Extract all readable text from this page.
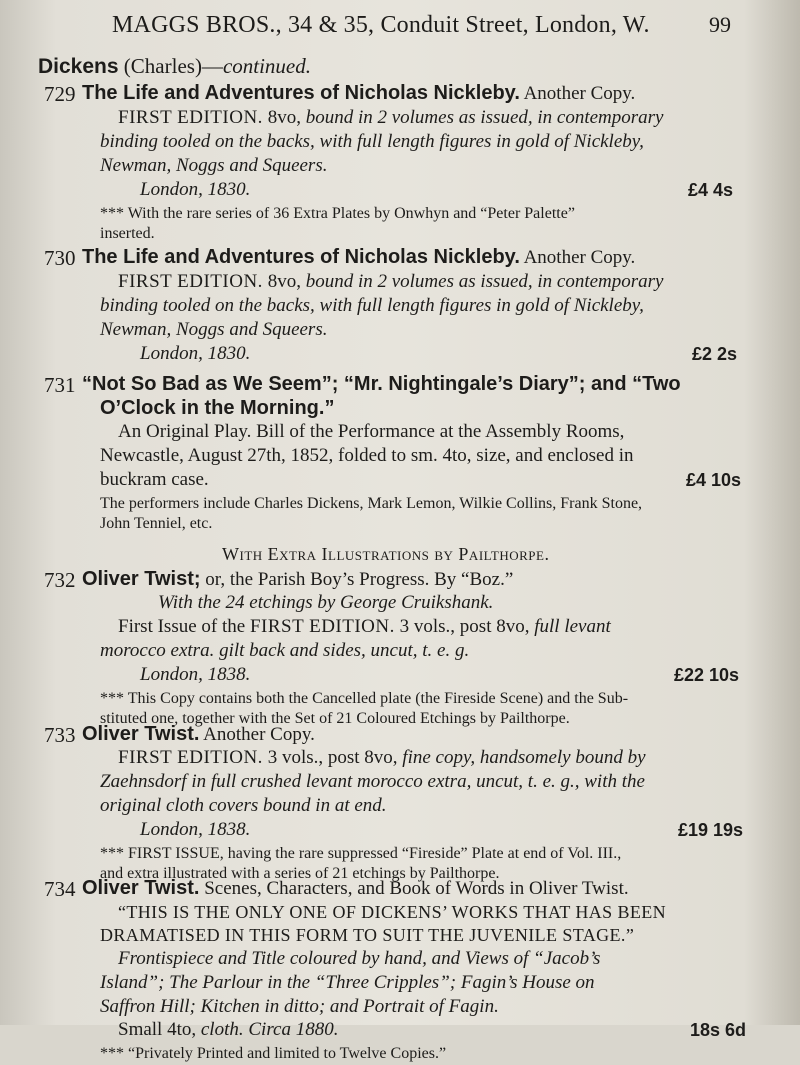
MAGGS BROS., 34 & 35, Conduit Street, London, W.	99
Dickens (Charles)—continued.
729 The Life and Adventures of Nicholas Nickleby. Another Copy.
FIRST EDITION. 8vo, bound in 2 volumes as issued, in contemporary
binding tooled on the backs, with full length figures in gold of Nickleby,
Newman, Noggs and Squeers.
London, 1830.	£4 4s
*** With the rare series of 36 Extra Plates by Onwhyn and “Peter Palette”
inserted.
730 The Life and Adventures of Nicholas Nickleby. Another Copy.
FIRST EDITION. 8vo, bound in 2 volumes as issued, in contemporary
binding tooled on the backs, with full length figures in gold of Nickleby,
Newman, Noggs and Squeers.
London, 1830.	£2 2s
731 “Not So Bad as We Seem”; “Mr. Nightingale’s Diary”; and “Two
O’Clock in the Morning.”
An Original Play. Bill of the Performance at the Assembly Rooms,
Newcastle, August 27th, 1852, folded to sm. 4to, size, and enclosed in
buckram case.	£4 10s
The performers include Charles Dickens, Mark Lemon, Wilkie Collins, Frank Stone,
John Tenniel, etc.
With Extra Illustrations by Pailthorpe.
732 Oliver Twist; or, the Parish Boy’s Progress. By “Boz.”
With the 24 etchings by George Cruikshank.
First Issue of the FIRST EDITION. 3 vols., post 8vo, full levant
morocco extra. gilt back and sides, uncut, t. e. g.
London, 1838.	£22 10s
*** This Copy contains both the Cancelled plate (the Fireside Scene) and the Sub-
stituted one, together with the Set of 21 Coloured Etchings by Pailthorpe.
733 Oliver Twist. Another Copy.
FIRST EDITION. 3 vols., post 8vo, fine copy, handsomely bound by
Zaehnsdorf in full crushed levant morocco extra, uncut, t. e. g., with the
original cloth covers bound in at end.
London, 1838.	£19 19s
*** FIRST ISSUE, having the rare suppressed “Fireside” Plate at end of Vol. III.,
and extra illustrated with a series of 21 etchings by Pailthorpe.
734 Oliver Twist. Scenes, Characters, and Book of Words in Oliver Twist.
“THIS IS THE ONLY ONE OF DICKENS’ WORKS THAT HAS BEEN
DRAMATISED IN THIS FORM TO SUIT THE JUVENILE STAGE.”
Frontispiece and Title coloured by hand, and Views of “Jacob’s
Island”; The Parlour in the “Three Cripples”; Fagin’s House on
Saffron Hill; Kitchen in ditto; and Portrait of Fagin.
Small 4to, cloth. Circa 1880.	18s 6d
*** “Privately Printed and limited to Twelve Copies.”
